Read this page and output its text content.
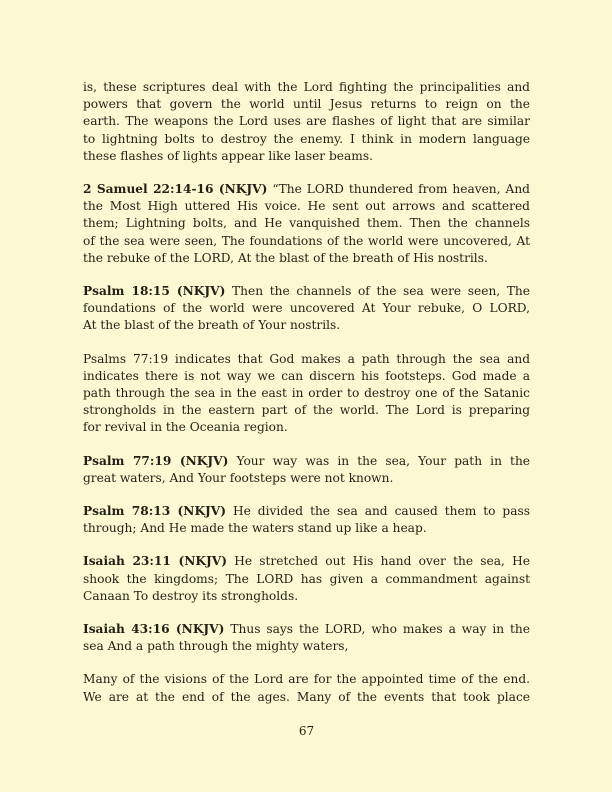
is, these scriptures deal with the Lord fighting the principalities and
powers that govern the world until Jesus returns to reign on the
earth. The weapons the Lord uses are flashes of light that are similar
to lightning bolts to destroy the enemy. I think in modern language
these flashes of lights appear like laser beams.
2 Samuel 22:14-16 (NKJV) “The LORD thundered from heaven, And
the Most High uttered His voice. He sent out arrows and scattered
them; Lightning bolts, and He vanquished them. Then the channels
of the sea were seen, The foundations of the world were uncovered, At
the rebuke of the LORD, At the blast of the breath of His nostrils.
Psalm 18:15 (NKJV) Then the channels of the sea were seen, The
foundations of the world were uncovered At Your rebuke, O LORD,
At the blast of the breath of Your nostrils.
Psalms 77:19 indicates that God makes a path through the sea and
indicates there is not way we can discern his footsteps. God made a
path through the sea in the east in order to destroy one of the Satanic
strongholds in the eastern part of the world. The Lord is preparing
for revival in the Oceania region.
Psalm 77:19 (NKJV) Your way was in the sea, Your path in the
great waters, And Your footsteps were not known.
Psalm 78:13 (NKJV) He divided the sea and caused them to pass
through; And He made the waters stand up like a heap.
Isaiah 23:11 (NKJV) He stretched out His hand over the sea, He
shook the kingdoms; The LORD has given a commandment against
Canaan To destroy its strongholds.
Isaiah 43:16 (NKJV) Thus says the LORD, who makes a way in the
sea And a path through the mighty waters,
Many of the visions of the Lord are for the appointed time of the end.
We are at the end of the ages. Many of the events that took place
67
